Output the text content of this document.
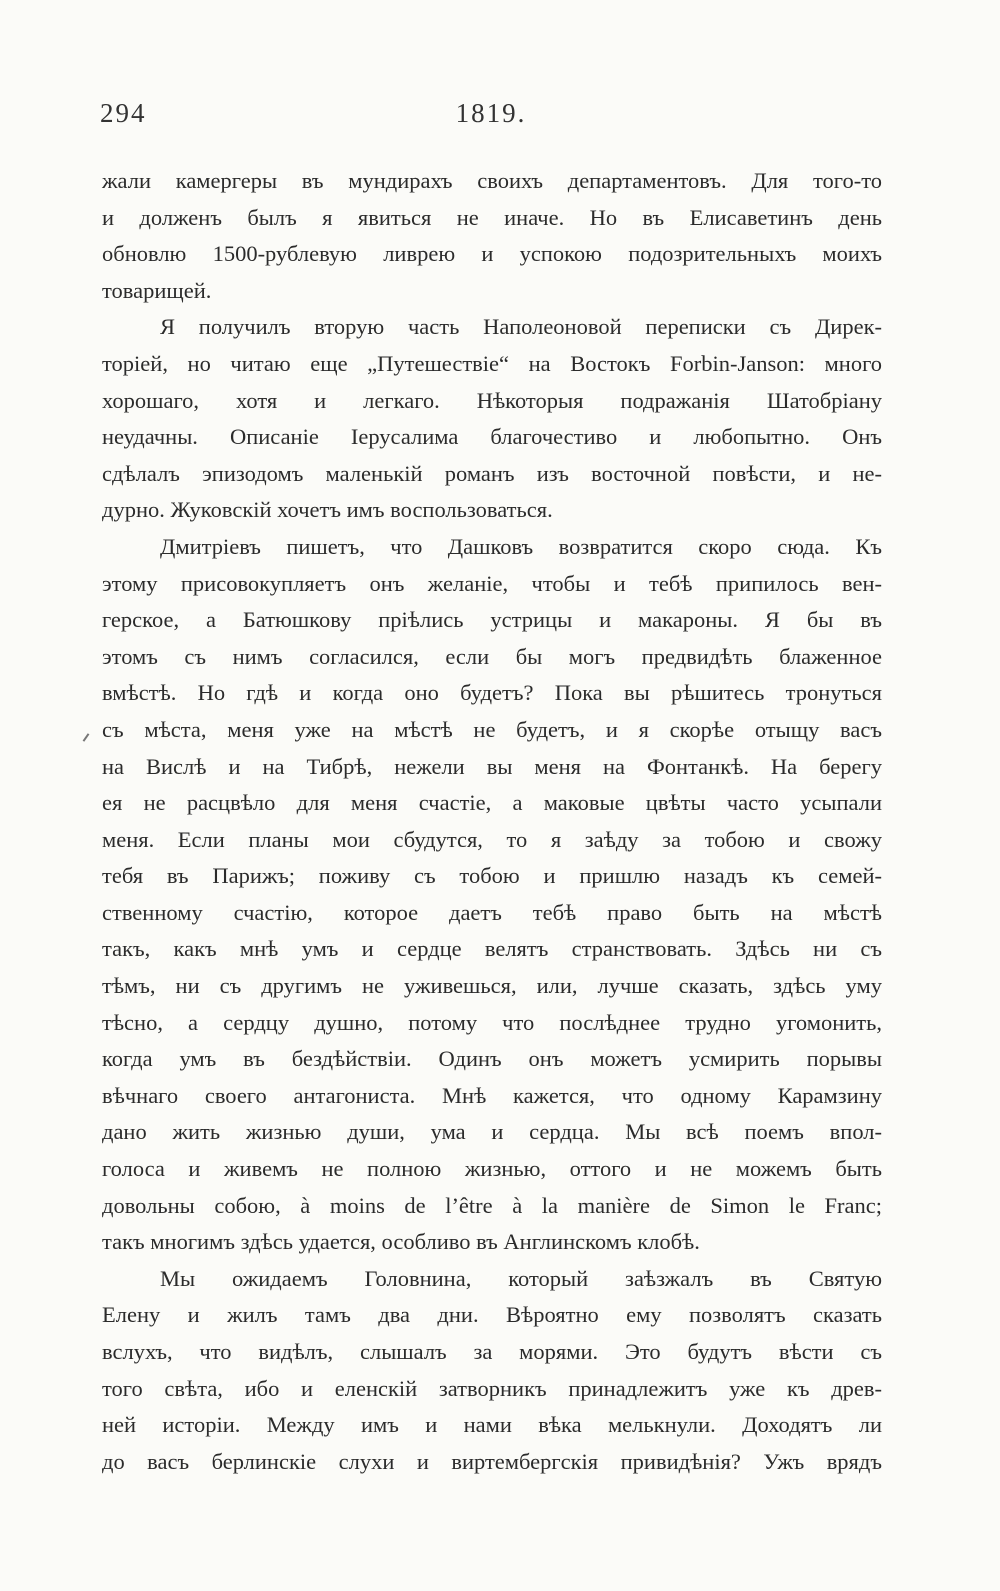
294	1819.
жали камергеры въ мундирахъ своихъ департаментовъ. Для того-то
и долженъ былъ я явиться не иначе. Но въ Елисаветинъ день
обновлю 1500-рублевую ливрею и успокою подозрительныхъ моихъ
товарищей.
Я получилъ вторую часть Наполеоновой переписки съ Дирек-
торіей, но читаю еще „Путешествіе“ на Востокъ Forbin-Janson: много
хорошаго, хотя и легкаго. Нѣкоторыя подражанія Шатобріану
неудачны. Описаніе Іерусалима благочестиво и любопытно. Онъ
сдѣлалъ эпизодомъ маленькій романъ изъ восточной повѣсти, и не-
дурно. Жуковскій хочетъ имъ воспользоваться.
Дмитріевъ пишетъ, что Дашковъ возвратится скоро сюда. Къ
этому присовокупляетъ онъ желаніе, чтобы и тебѣ припилось вен-
герское, а Батюшкову пріѣлись устрицы и макароны. Я бы въ
этомъ съ нимъ согласился, если бы могъ предвидѣть блаженное
вмѣстѣ. Но гдѣ и когда оно будетъ? Пока вы рѣшитесь тронуться
съ мѣста, меня уже на мѣстѣ не будетъ, и я скорѣе отыщу васъ
на Вислѣ и на Тибрѣ, нежели вы меня на Фонтанкѣ. На берегу
ея не расцвѣло для меня счастіе, а маковые цвѣты часто усыпали
меня. Если планы мои сбудутся, то я заѣду за тобою и свожу
тебя въ Парижъ; поживу съ тобою и пришлю назадъ къ семей-
ственному счастію, которое даетъ тебѣ право быть на мѣстѣ
такъ, какъ мнѣ умъ и сердце велятъ странствовать. Здѣсь ни съ
тѣмъ, ни съ другимъ не уживешься, или, лучше сказать, здѣсь уму
тѣсно, а сердцу душно, потому что послѣднее трудно угомонить,
когда умъ въ бездѣйствіи. Одинъ онъ можетъ усмирить порывы
вѣчнаго своего антагониста. Мнѣ кажется, что одному Карамзину
дано жить жизнью души, ума и сердца. Мы всѣ поемъ впол-
голоса и живемъ не полною жизнью, оттого и не можемъ быть
довольны собою, à moins de l’être à la manière de Simon le Franc;
такъ многимъ здѣсь удается, особливо въ Англинскомъ клобѣ.
Мы ожидаемъ Головнина, который заѣзжалъ въ Святую
Елену и жилъ тамъ два дни. Вѣроятно ему позволятъ сказать
вслухъ, что видѣлъ, слышалъ за морями. Это будутъ вѣсти съ
того свѣта, ибо и еленскій затворникъ принадлежитъ уже къ древ-
ней исторіи. Между имъ и нами вѣка мелькнули. Доходятъ ли
до васъ берлинскіе слухи и виртембергскія привидѣнія? Ужъ врядъ
